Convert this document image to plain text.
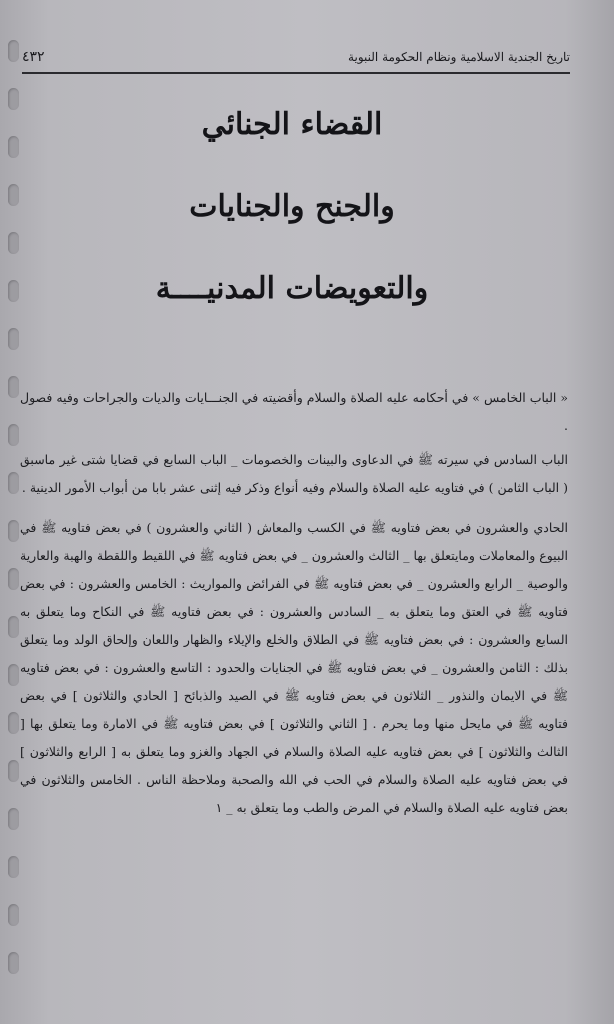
تاريخ الجندية الاسلامية ونظام الحكومة النبوية
٤٣٢
القضاء الجنائي
والجنح والجنايات
والتعويضات المدنيــــة

« الباب الخامس » في أحكامه عليه الصلاة والسلام وأقضيته في الجنـــايات والديات والجراحات وفيه فصول .

الباب السادس في سيرته ﷺ في الدعاوى والبينات والخصومات _ الباب السابع في قضايا شتى غير ماسبق ( الباب الثامن ) في فتاويه عليه الصلاة والسلام وفيه أنواع وذكر فيه إثنى عشر بابا من أبواب الأمور الدينية .

الحادي والعشرون في بعض فتاويه ﷺ في الكسب والمعاش ( الثاني والعشرون ) في بعض فتاويه ﷺ في البيوع والمعاملات ومايتعلق بها _ الثالث والعشرون _ في بعض فتاويه ﷺ في اللقيط واللقطة والهبة والعارية والوصية _ الرابع والعشرون _ في بعض فتاويه ﷺ في الفرائض والمواريث : الخامس والعشرون : في بعض فتاويه ﷺ في العتق وما يتعلق به _ السادس والعشرون : في بعض فتاويه ﷺ في النكاح وما يتعلق به السابع والعشرون : في بعض فتاويه ﷺ في الطلاق والخلع والإيلاء والظهار واللعان وإلحاق الولد وما يتعلق بذلك : الثامن والعشرون _ في بعض فتاويه ﷺ في الجنايات والحدود : التاسع والعشرون : في بعض فتاويه ﷺ في الايمان والنذور _ الثلاثون في بعض فتاويه ﷺ في الصيد والذبائح [ الحادي والثلاثون ] في بعض فتاويه ﷺ في مايحل منها وما يحرم . [ الثاني والثلاثون ] في بعض فتاويه ﷺ في الامارة وما يتعلق بها [ الثالث والثلاثون ] في بعض فتاويه عليه الصلاة والسلام في الجهاد والغزو وما يتعلق به [ الرابع والثلاثون ] في بعض فتاويه عليه الصلاة والسلام في الحب في الله والصحبة وملاحظة الناس . الخامس والثلاثون في بعض فتاويه عليه الصلاة والسلام في المرض والطب وما يتعلق به _ ١
